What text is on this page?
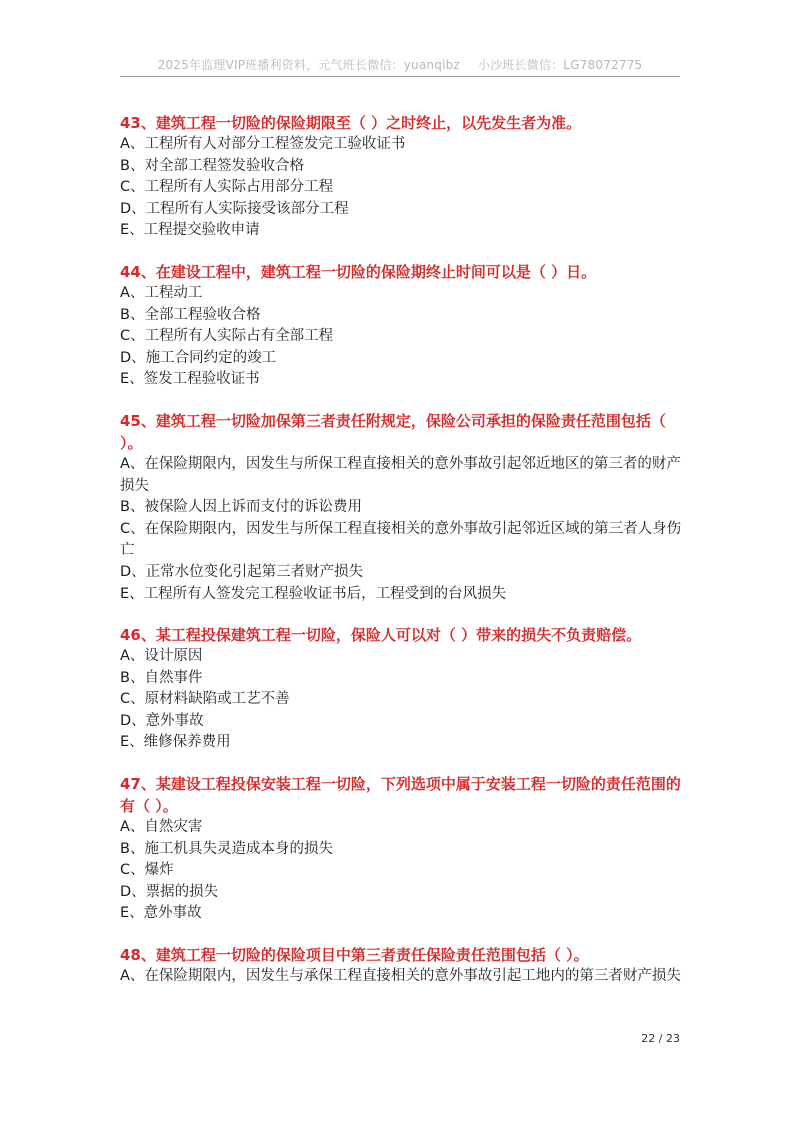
2025年监理VIP班播利资料，元气班长微信：yuanqibz 小沙班长微信：LG78072775

43、建筑工程一切险的保险期限至（ ）之时终止，以先发生者为准。

A、工程所有人对部分工程签发完工验收证书

B、对全部工程签发验收合格

C、工程所有人实际占用部分工程

D、工程所有人实际接受该部分工程

E、工程提交验收申请

44、在建设工程中，建筑工程一切险的保险期终止时间可以是（ ）日。

A、工程动工

B、全部工程验收合格

C、工程所有人实际占有全部工程

D、施工合同约定的竣工

E、签发工程验收证书

45、建筑工程一切险加保第三者责任附规定，保险公司承担的保险责任范围包括（ ）。

A、在保险期限内，因发生与所保工程直接相关的意外事故引起邻近地区的第三者的财产损失

B、被保险人因上诉而支付的诉讼费用

C、在保险期限内，因发生与所保工程直接相关的意外事故引起邻近区域的第三者人身伤亡

D、正常水位变化引起第三者财产损失

E、工程所有人签发完工程验收证书后，工程受到的台风损失

46、某工程投保建筑工程一切险，保险人可以对（ ）带来的损失不负责赔偿。

A、设计原因

B、自然事件

C、原材料缺陷或工艺不善

D、意外事故

E、维修保养费用

47、某建设工程投保安装工程一切险，下列选项中属于安装工程一切险的责任范围的有（ ）。

A、自然灾害

B、施工机具失灵造成本身的损失

C、爆炸

D、票据的损失

E、意外事故

48、建筑工程一切险的保险项目中第三者责任保险责任范围包括（ ）。

A、在保险期限内，因发生与承保工程直接相关的意外事故引起工地内的第三者财产损失

22 / 23
